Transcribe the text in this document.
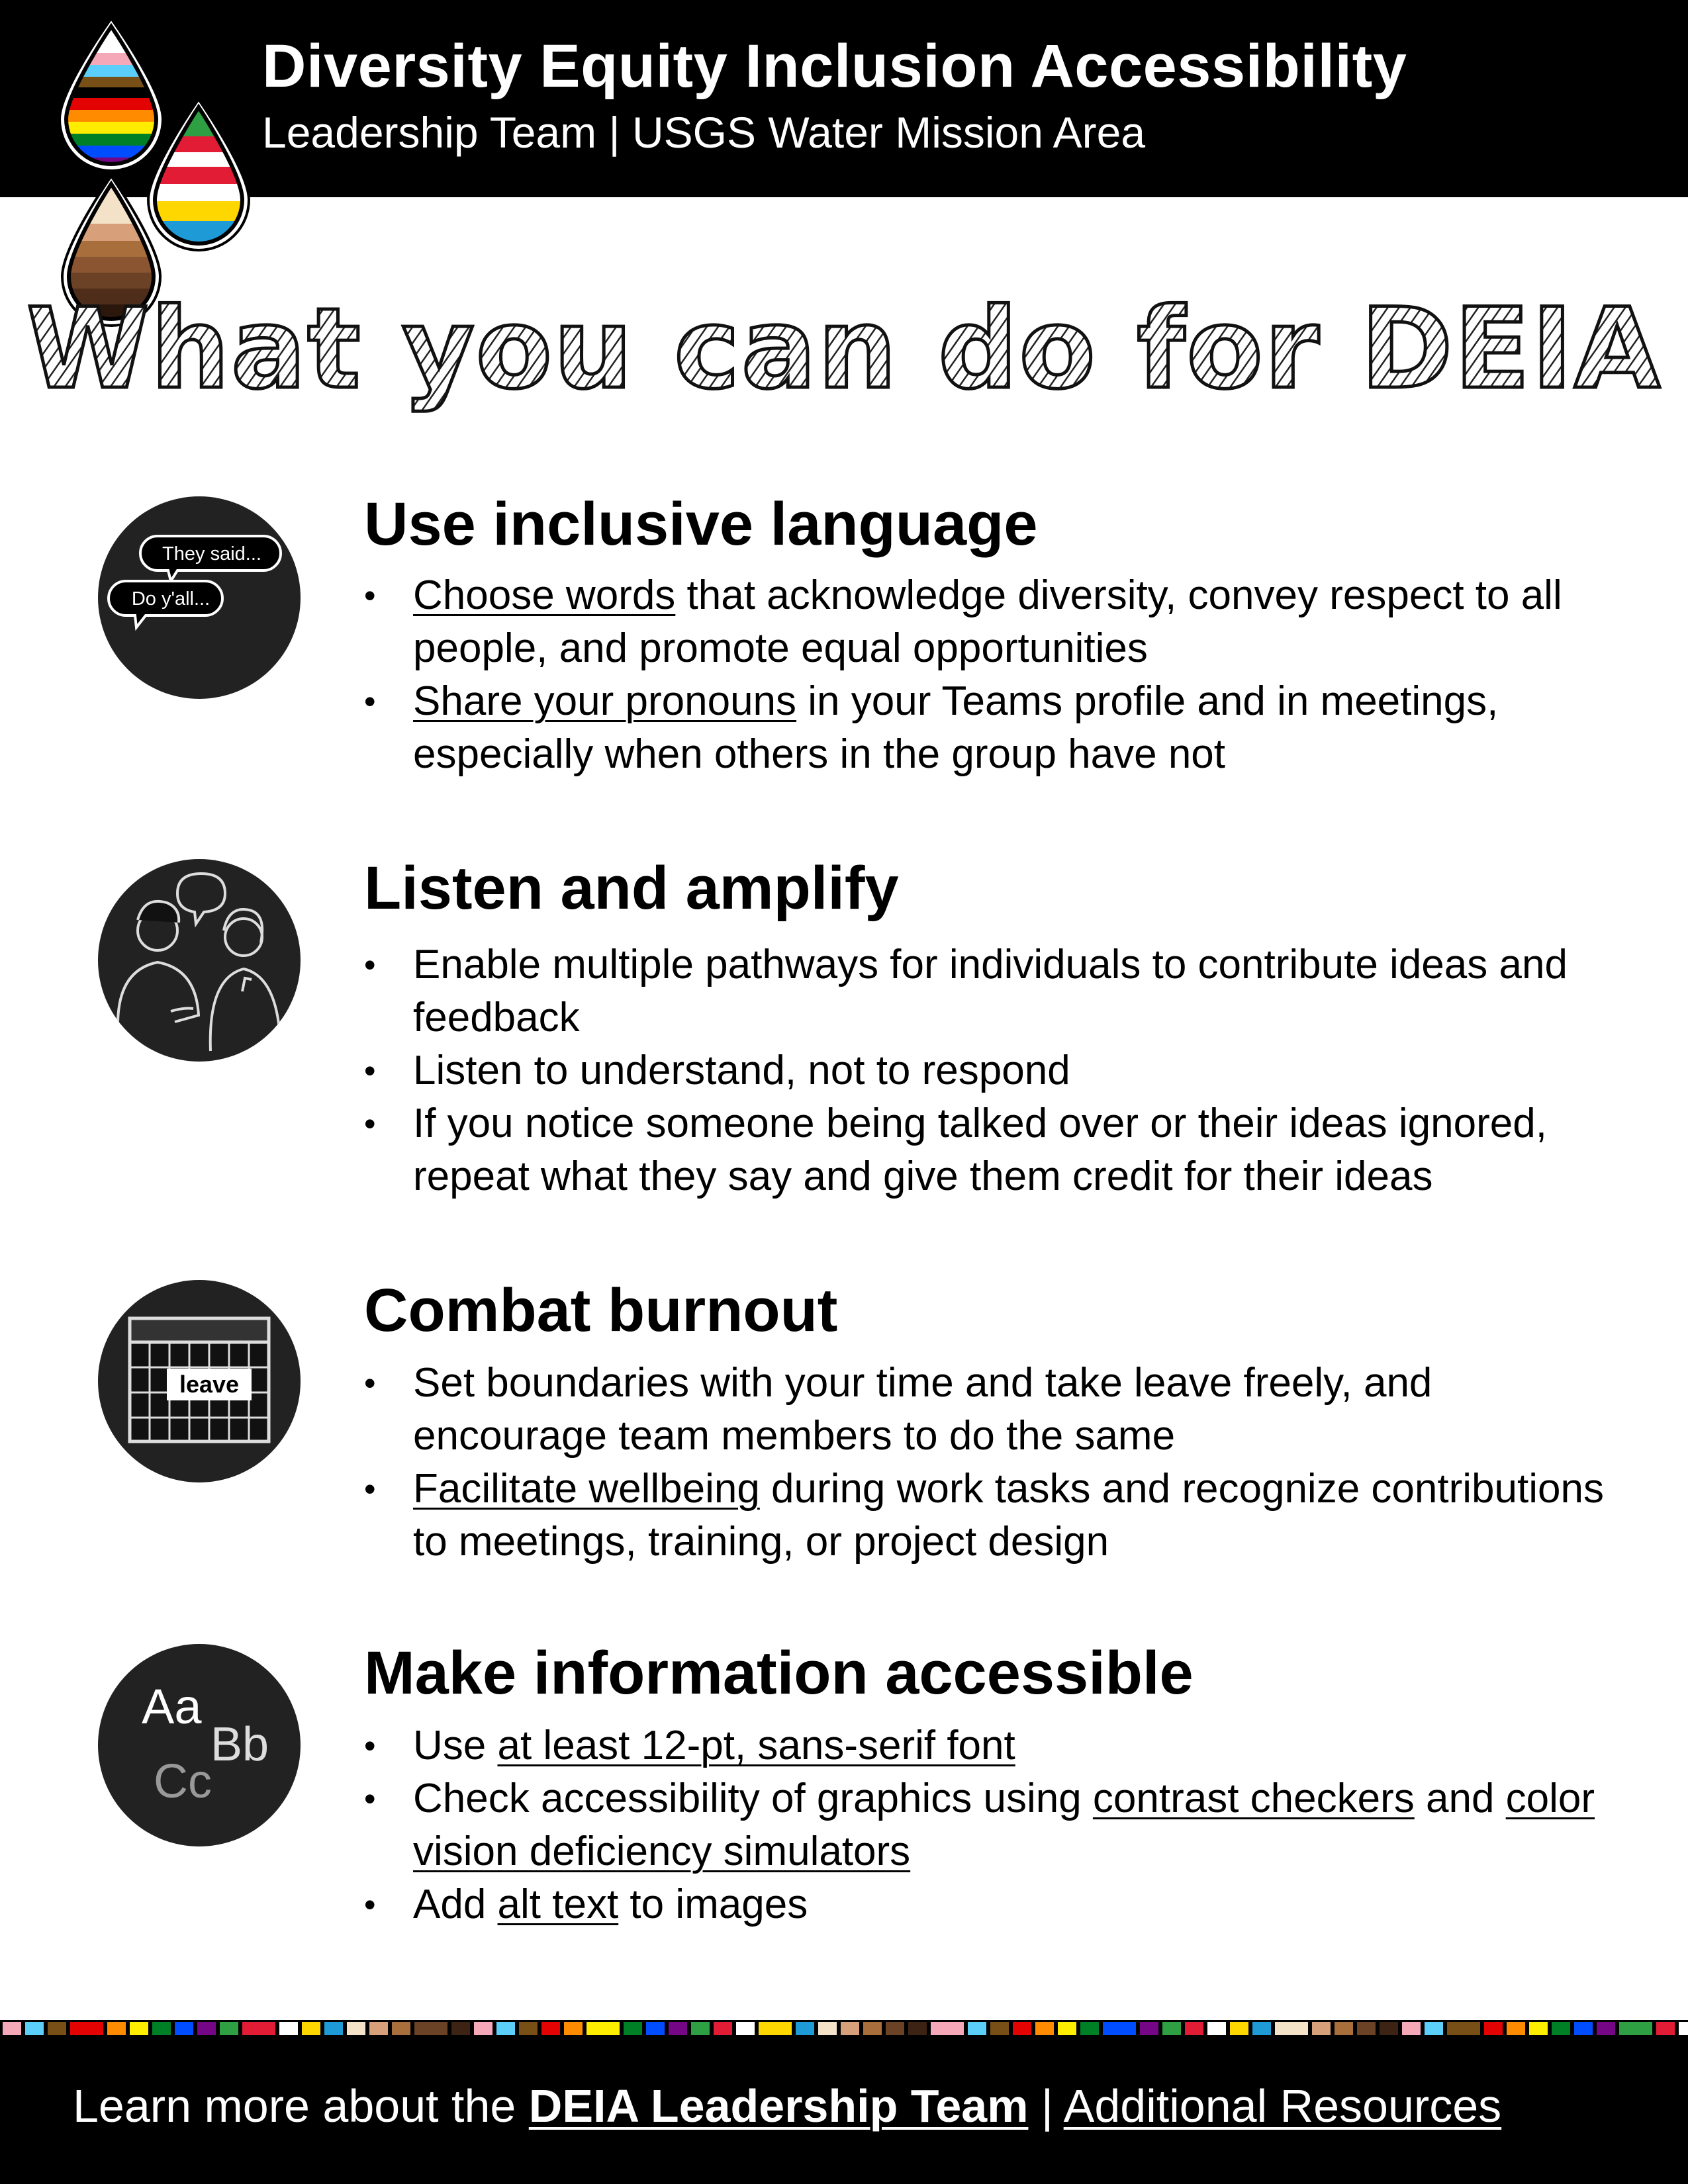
Diversity Equity Inclusion Accessibility
Leadership Team | USGS Water Mission Area
What you can do for DEIA
They said...
Do y'all...
Use inclusive language
• Choose words that acknowledge diversity, convey respect to all people, and promote equal opportunities
• Share your pronouns in your Teams profile and in meetings, especially when others in the group have not
Listen and amplify
• Enable multiple pathways for individuals to contribute ideas and feedback
• Listen to understand, not to respond
• If you notice someone being talked over or their ideas ignored, repeat what they say and give them credit for their ideas
leave
Combat burnout
• Set boundaries with your time and take leave freely, and encourage team members to do the same
• Facilitate wellbeing during work tasks and recognize contributions to meetings, training, or project design
Aa
Bb
Cc
Make information accessible
• Use at least 12-pt, sans-serif font
• Check accessibility of graphics using contrast checkers and color vision deficiency simulators
• Add alt text to images
Learn more about the DEIA Leadership Team | Additional Resources
